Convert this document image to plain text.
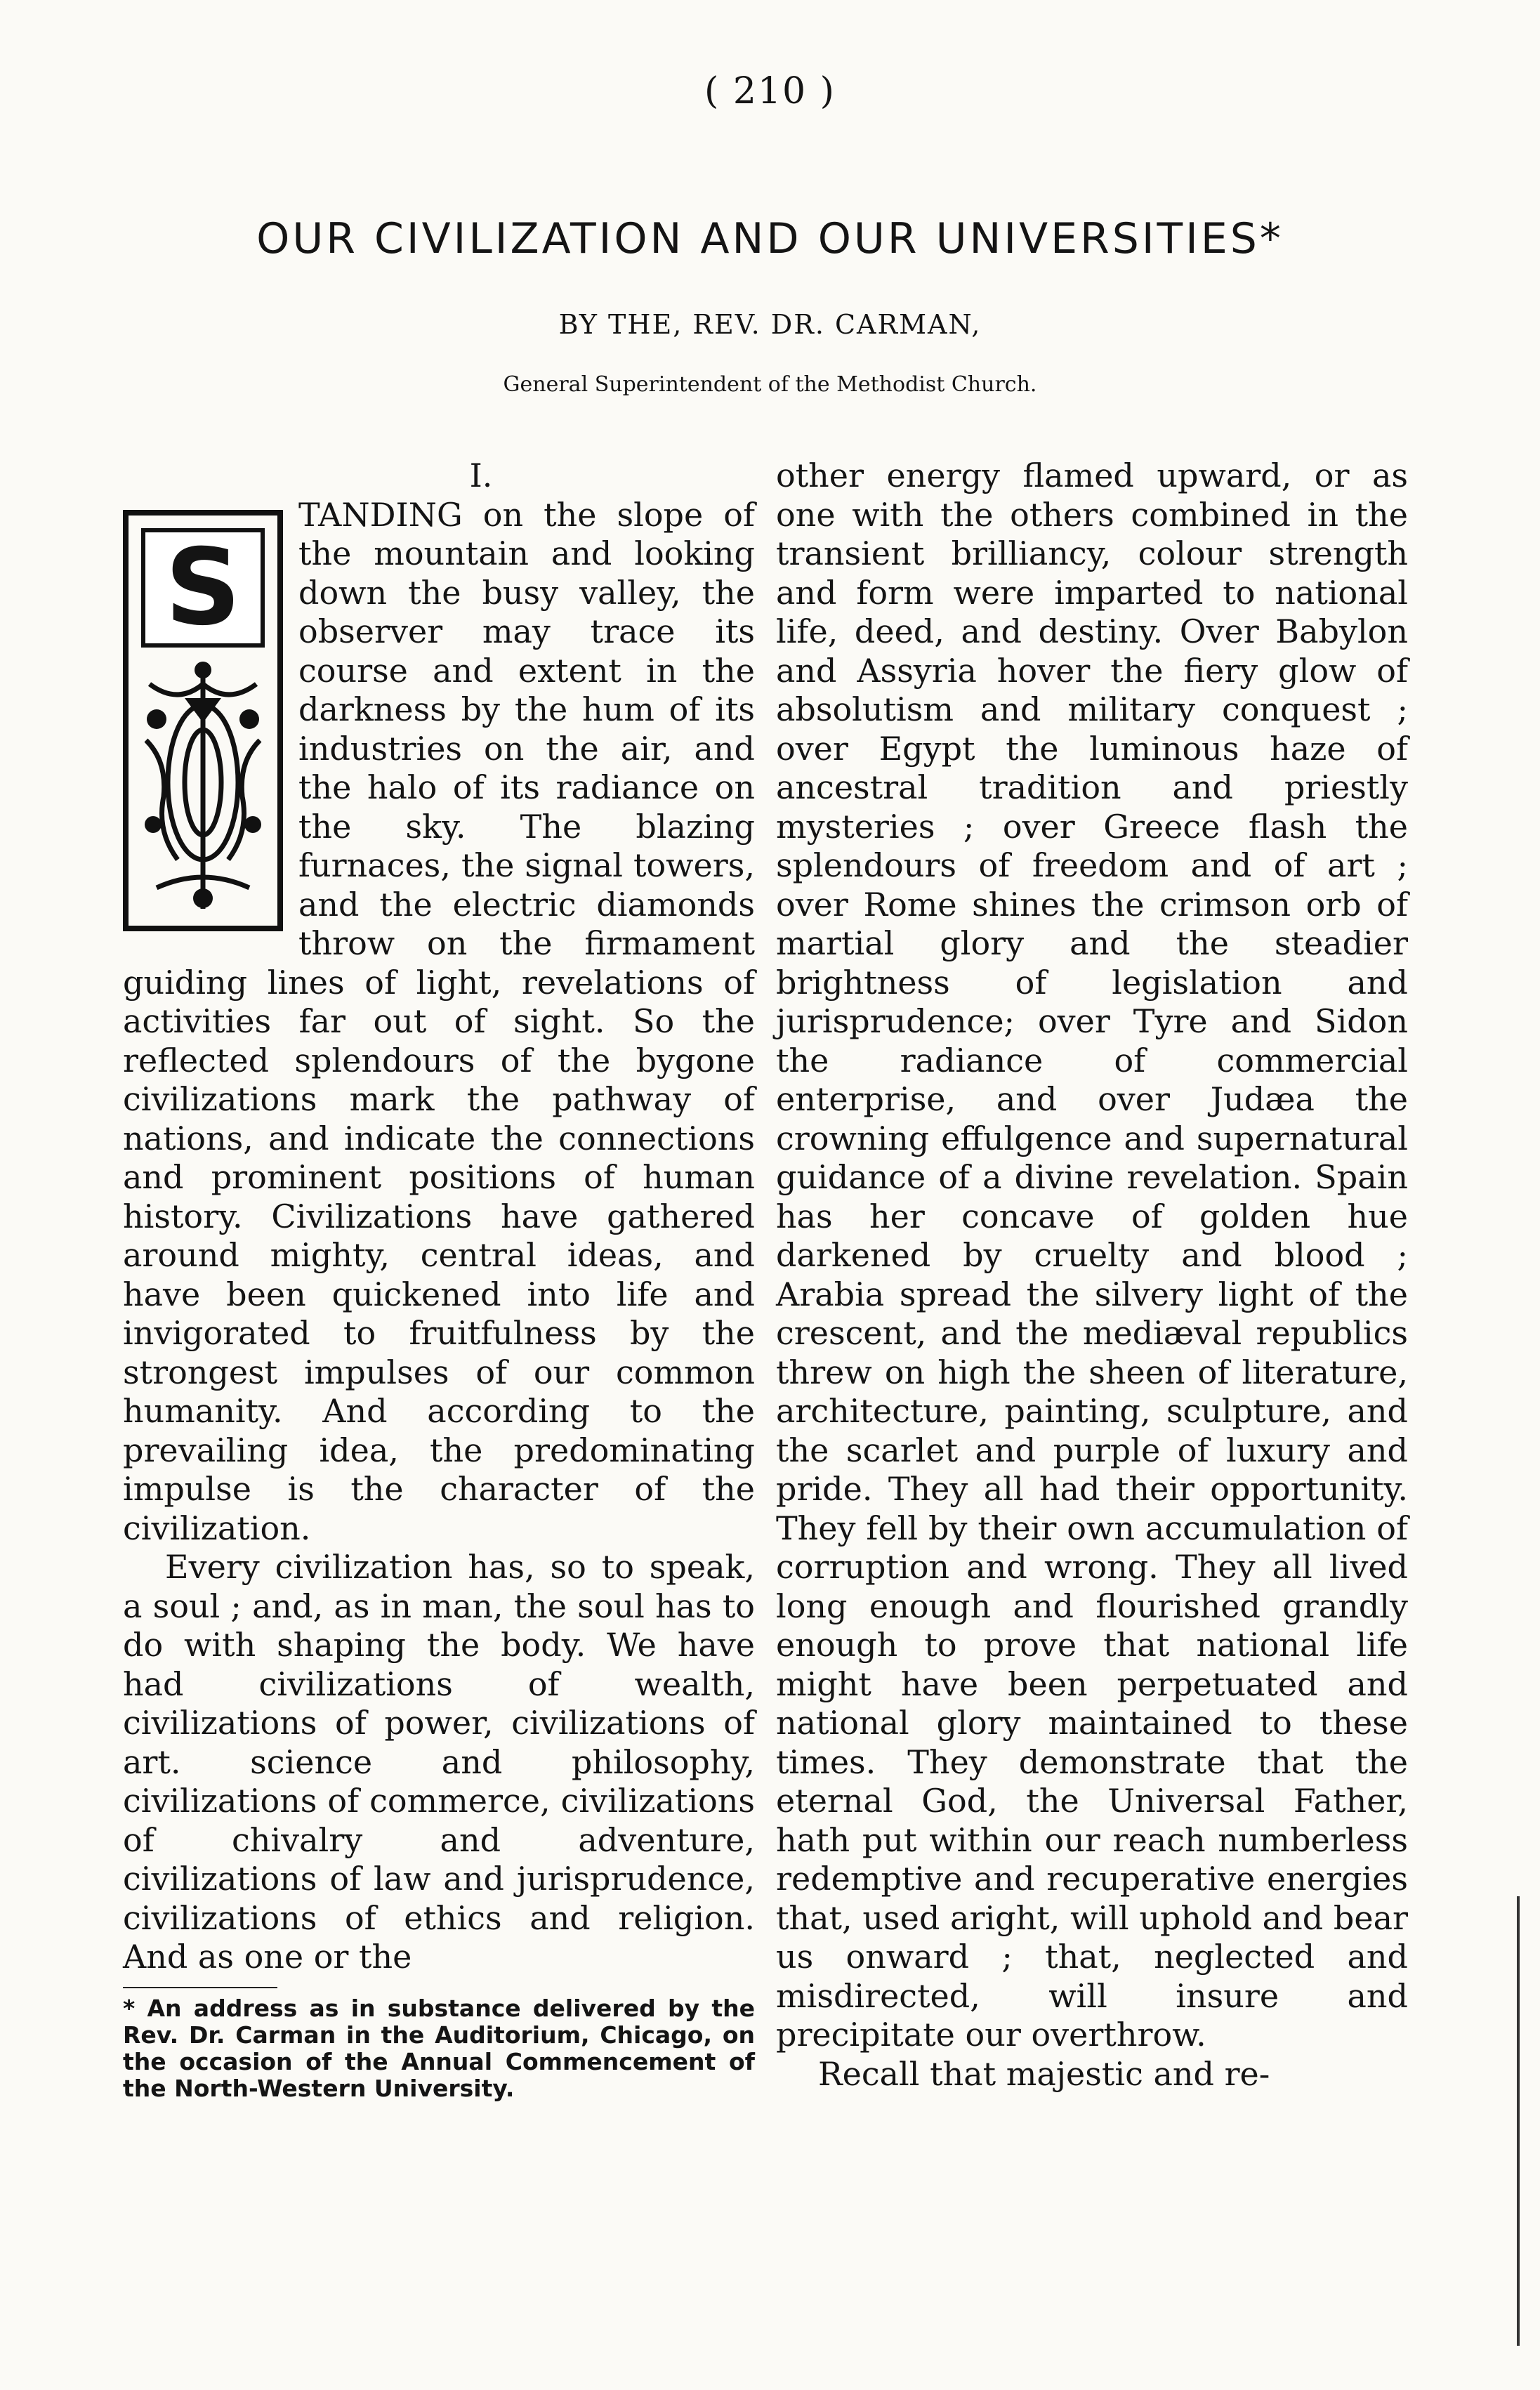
( 210 )
OUR CIVILIZATION AND OUR UNIVERSITIES*
BY THE, REV. DR. CARMAN,
General Superintendent of the Methodist Church.

I.

S

TANDING on the slope of the mountain and looking down the busy valley, the observer may trace its course and extent in the darkness by the hum of its industries on the air, and the halo of its radiance on the sky. The blazing furnaces, the signal towers, and the electric diamonds throw on the firmament guiding lines of light, revelations of activities far out of sight. So the reflected splendours of the bygone civilizations mark the pathway of nations, and indicate the connections and prominent positions of human history. Civilizations have gathered around mighty, central ideas, and have been quickened into life and invigorated to fruitfulness by the strongest impulses of our common humanity. And according to the prevailing idea, the predominating impulse is the character of the civilization.

Every civilization has, so to speak, a soul ; and, as in man, the soul has to do with shaping the body. We have had civilizations of wealth, civilizations of power, civilizations of art. science and philosophy, civilizations of commerce, civilizations of chivalry and adventure, civilizations of law and jurisprudence, civilizations of ethics and religion. And as one or the

* An address as in substance delivered by the Rev. Dr. Carman in the Auditorium, Chicago, on the occasion of the Annual Commencement of the North-Western University.

other energy flamed upward, or as one with the others combined in the transient brilliancy, colour strength and form were imparted to national life, deed, and destiny. Over Babylon and Assyria hover the fiery glow of absolutism and military conquest ; over Egypt the luminous haze of ancestral tradition and priestly mysteries ; over Greece flash the splendours of freedom and of art ; over Rome shines the crimson orb of martial glory and the steadier brightness of legislation and jurisprudence; over Tyre and Sidon the radiance of commercial enterprise, and over Judæa the crowning effulgence and supernatural guidance of a divine revelation. Spain has her concave of golden hue darkened by cruelty and blood ; Arabia spread the silvery light of the crescent, and the mediæval republics threw on high the sheen of literature, architecture, painting, sculpture, and the scarlet and purple of luxury and pride. They all had their opportunity. They fell by their own accumulation of corruption and wrong. They all lived long enough and flourished grandly enough to prove that national life might have been perpetuated and national glory maintained to these times. They demonstrate that the eternal God, the Universal Father, hath put within our reach numberless redemptive and recuperative energies that, used aright, will uphold and bear us onward ; that, neglected and misdirected, will insure and precipitate our overthrow.

Recall that majestic and re-
